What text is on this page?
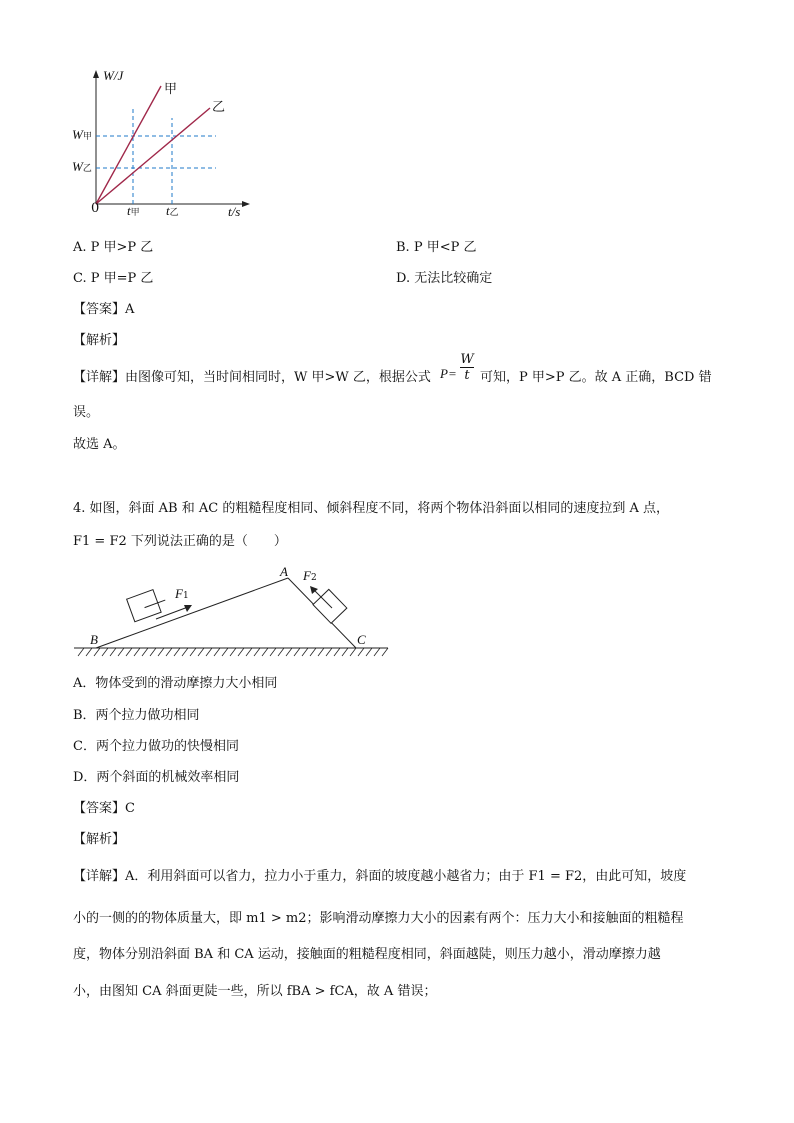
W/J
甲
乙
W甲
W乙
0 t甲 t乙	t/s
A. P 甲>P 乙	B. P 甲<P 乙
C. P 甲=P 乙	D. 无法比较确定
【答案】A
【解析】
【详解】由图像可知，当时间相同时，W 甲>W 乙，根据公式 P=
W
t 可知，P 甲>P 乙。故 A 正确，BCD 错
误。
故选 A。
4. 如图，斜面 AB 和 AC 的粗糙程度相同、倾斜程度不同，将两个物体沿斜面以相同的速度拉到 A 点，
F1 = F2 下列说法正确的是（　　）
A
B	C
F1
F2
A．物体受到的滑动摩擦力大小相同
B．两个拉力做功相同
C．两个拉力做功的快慢相同
D．两个斜面的机械效率相同
【答案】C
【解析】
【详解】A．利用斜面可以省力，拉力小于重力，斜面的坡度越小越省力；由于 F1 = F2，由此可知，坡度
小的一侧的的物体质量大，即 m1 > m2；影响滑动摩擦力大小的因素有两个：压力大小和接触面的粗糙程
度，物体分别沿斜面 BA 和 CA 运动，接触面的粗糙程度相同，斜面越陡，则压力越小，滑动摩擦力越
小，由图知 CA 斜面更陡一些，所以 fBA > fCA，故 A 错误；
